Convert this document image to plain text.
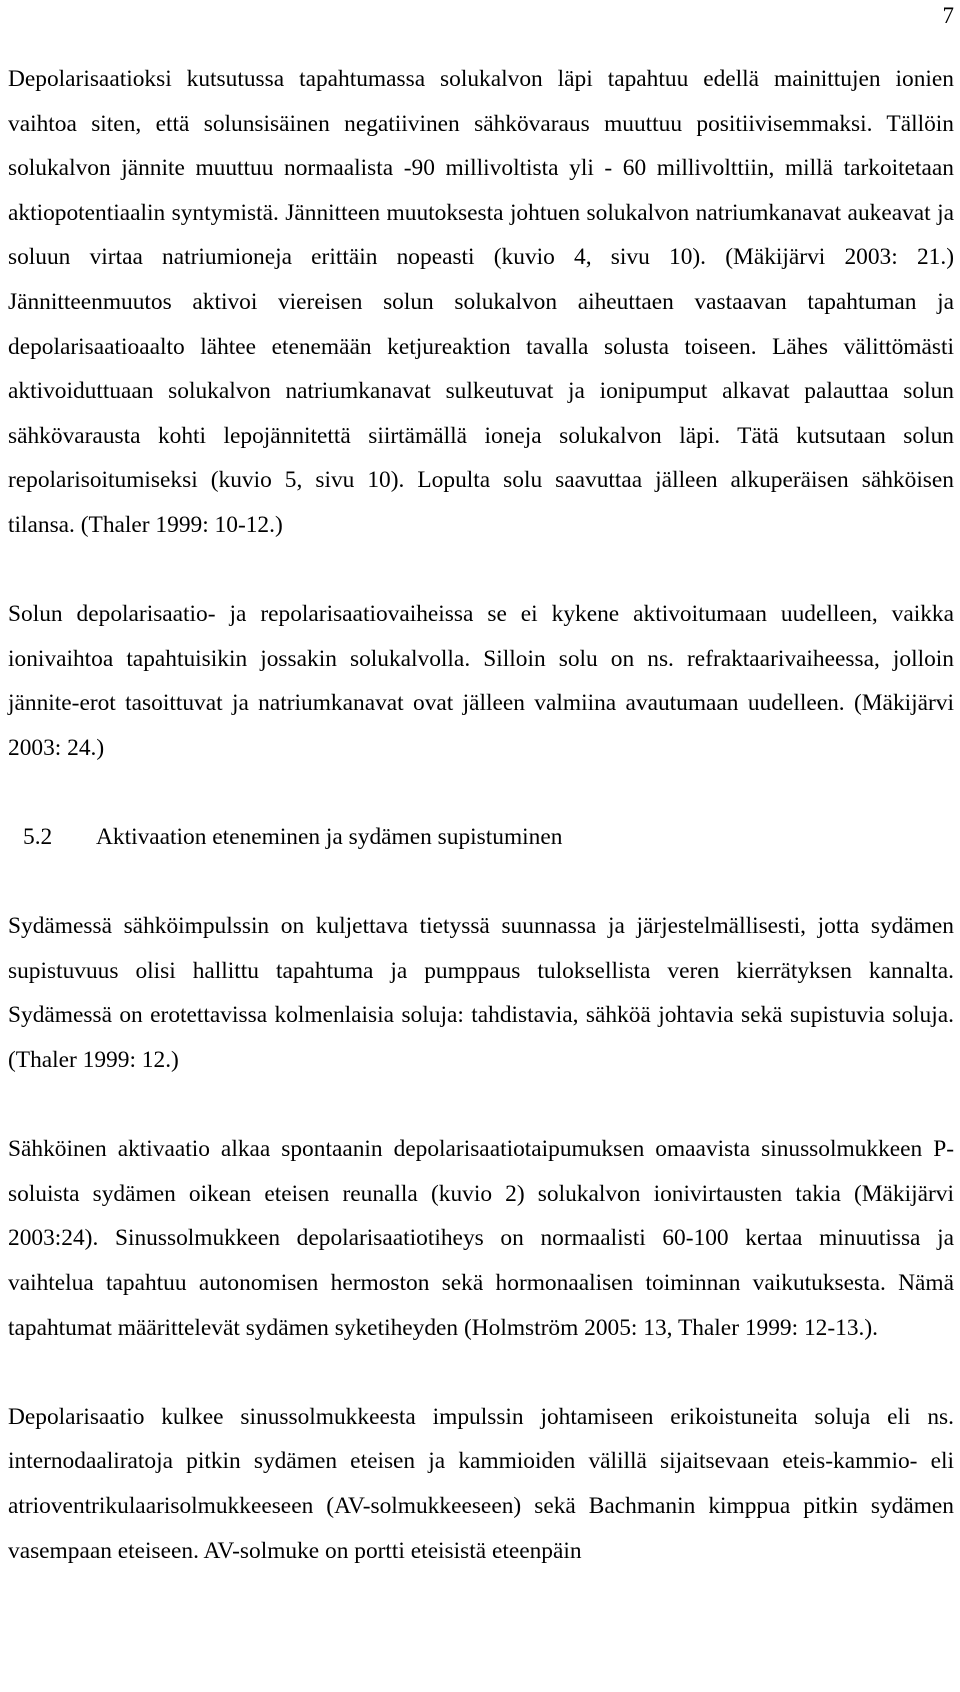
7

Depolarisaatioksi kutsutussa tapahtumassa solukalvon läpi tapahtuu edellä mainittujen ionien vaihtoa siten, että solunsisäinen negatiivinen sähkövaraus muuttuu positiivisemmaksi. Tällöin solukalvon jännite muuttuu normaalista -90 millivoltista yli - 60 millivolttiin, millä tarkoitetaan aktiopotentiaalin syntymistä. Jännitteen muutoksesta johtuen solukalvon natriumkanavat aukeavat ja soluun virtaa natriumioneja erittäin nopeasti (kuvio 4, sivu 10). (Mäkijärvi 2003: 21.) Jännitteenmuutos aktivoi viereisen solun solukalvon aiheuttaen vastaavan tapahtuman ja depolarisaatioaalto lähtee etenemään ketjureaktion tavalla solusta toiseen. Lähes välittömästi aktivoiduttuaan solukalvon natriumkanavat sulkeutuvat ja ionipumput alkavat palauttaa solun sähkövarausta kohti lepojännitettä siirtämällä ioneja solukalvon läpi. Tätä kutsutaan solun repolarisoitumiseksi (kuvio 5, sivu 10). Lopulta solu saavuttaa jälleen alkuperäisen sähköisen tilansa. (Thaler 1999: 10-12.)

Solun depolarisaatio- ja repolarisaatiovaiheissa se ei kykene aktivoitumaan uudelleen, vaikka ionivaihtoa tapahtuisikin jossakin solukalvolla. Silloin solu on ns. refraktaarivaiheessa, jolloin jännite-erot tasoittuvat ja natriumkanavat ovat jälleen valmiina avautumaan uudelleen. (Mäkijärvi 2003: 24.)

5.2	Aktivaation eteneminen ja sydämen supistuminen

Sydämessä sähköimpulssin on kuljettava tietyssä suunnassa ja järjestelmällisesti, jotta sydämen supistuvuus olisi hallittu tapahtuma ja pumppaus tuloksellista veren kierrätyksen kannalta. Sydämessä on erotettavissa kolmenlaisia soluja: tahdistavia, sähköä johtavia sekä supistuvia soluja. (Thaler 1999: 12.)

Sähköinen aktivaatio alkaa spontaanin depolarisaatiotaipumuksen omaavista sinussolmukkeen P-soluista sydämen oikean eteisen reunalla (kuvio 2) solukalvon ionivirtausten takia (Mäkijärvi 2003:24). Sinussolmukkeen depolarisaatiotiheys on normaalisti 60-100 kertaa minuutissa ja vaihtelua tapahtuu autonomisen hermoston sekä hormonaalisen toiminnan vaikutuksesta. Nämä tapahtumat määrittelevät sydämen syketiheyden (Holmström 2005: 13, Thaler 1999: 12-13.).

Depolarisaatio kulkee sinussolmukkeesta impulssin johtamiseen erikoistuneita soluja eli ns. internodaaliratoja pitkin sydämen eteisen ja kammioiden välillä sijaitsevaan eteis-kammio- eli atrioventrikulaarisolmukkeeseen (AV-solmukkeeseen) sekä Bachmanin kimppua pitkin sydämen vasempaan eteiseen. AV-solmuke on portti eteisistä eteenpäin
